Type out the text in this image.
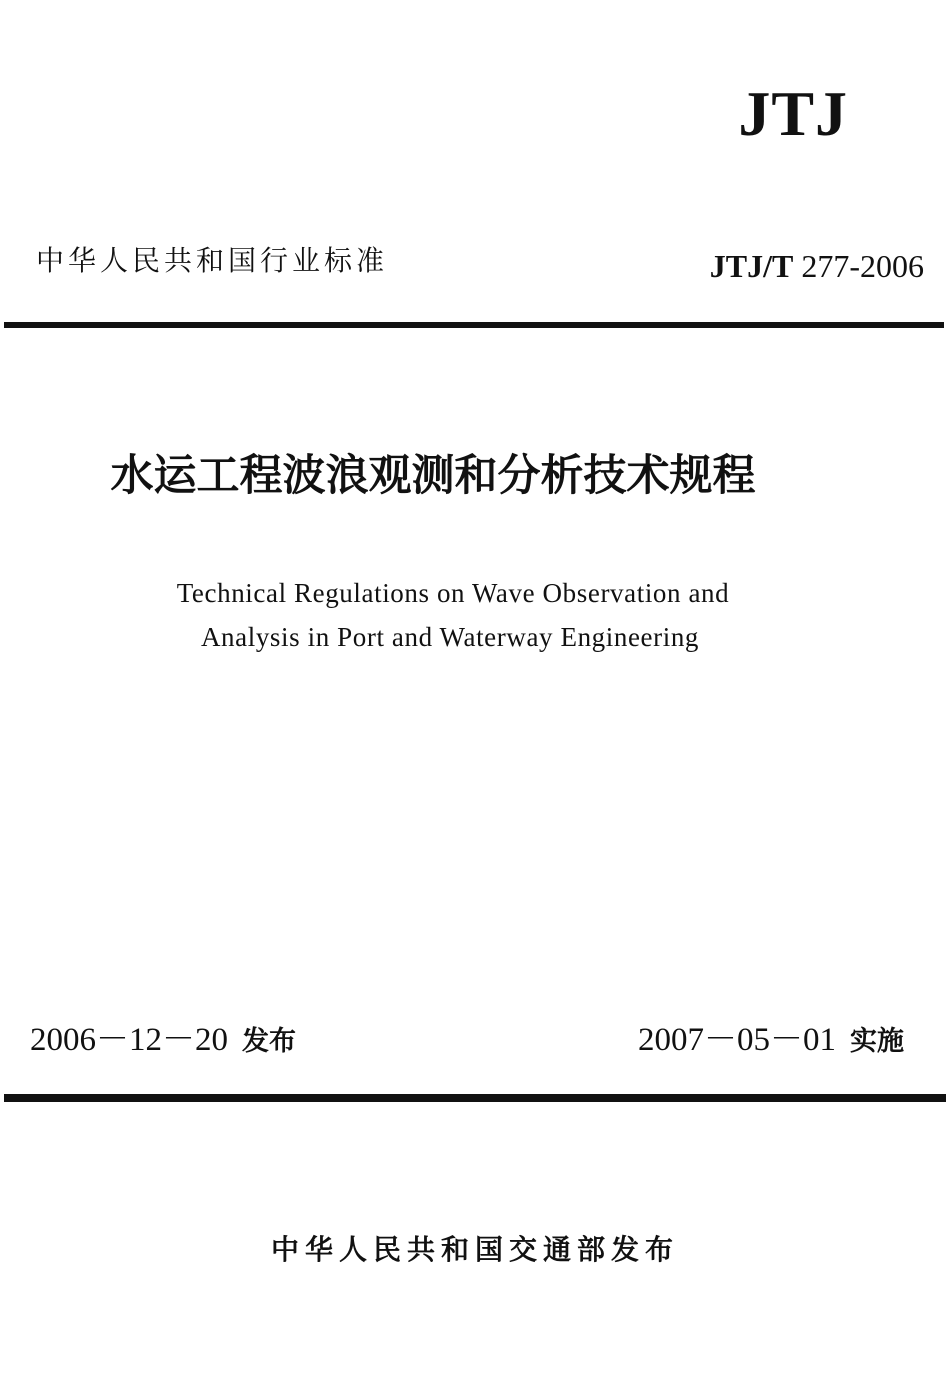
JTJ
中华人民共和国行业标准	JTJ/T 277-2006
水运工程波浪观测和分析技术规程
Technical Regulations on Wave Observation and
Analysis in Port and Waterway Engineering
2006－12－20 发布	2007－05－01 实施
中华人民共和国交通部发布
